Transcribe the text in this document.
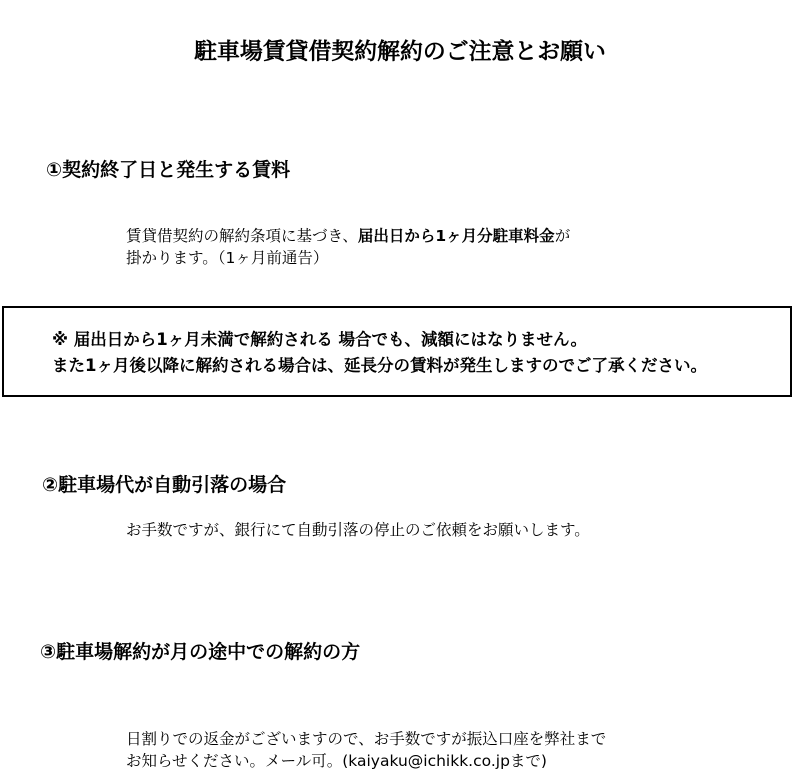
駐車場賃貸借契約解約のご注意とお願い
①契約終了日と発生する賃料
賃貸借契約の解約条項に基づき、届出日から1ヶ月分駐車料金が
掛かります。（1ヶ月前通告）
※ 届出日から1ヶ月未満で解約される 場合でも、減額にはなりません。
また1ヶ月後以降に解約される場合は、延長分の賃料が発生しますのでご了承ください。
②駐車場代が自動引落の場合
お手数ですが、銀行にて自動引落の停止のご依頼をお願いします。
③駐車場解約が月の途中での解約の方
日割りでの返金がございますので、お手数ですが振込口座を弊社まで
お知らせください。メール可。(kaiyaku@ichikk.co.jpまで)
